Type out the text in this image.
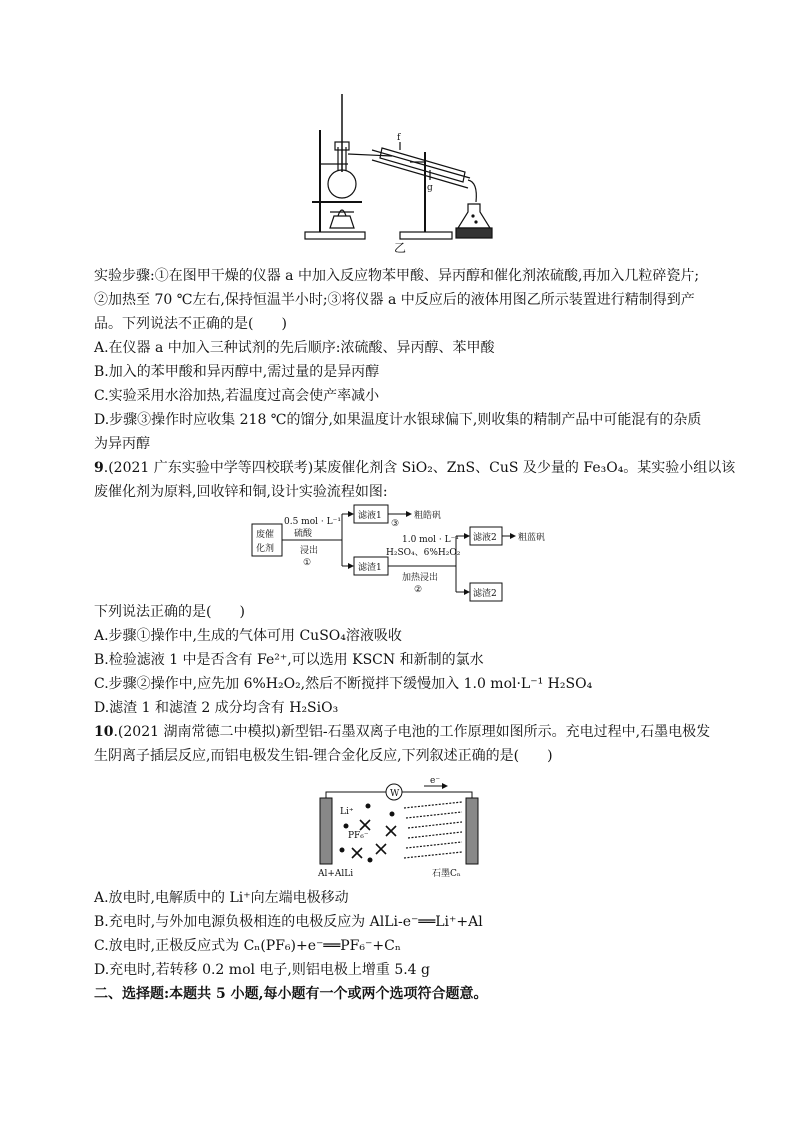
f
g
乙
实验步骤:①在图甲干燥的仪器 a 中加入反应物苯甲酸、异丙醇和催化剂浓硫酸,再加入几粒碎瓷片;
②加热至 70 ℃左右,保持恒温半小时;③将仪器 a 中反应后的液体用图乙所示装置进行精制得到产
品。下列说法不正确的是(　　)
A.在仪器 a 中加入三种试剂的先后顺序:浓硫酸、异丙醇、苯甲酸
B.加入的苯甲酸和异丙醇中,需过量的是异丙醇
C.实验采用水浴加热,若温度过高会使产率减小
D.步骤③操作时应收集 218 ℃的馏分,如果温度计水银球偏下,则收集的精制产品中可能混有的杂质
为异丙醇
9.(2021 广东实验中学等四校联考)某废催化剂含 SiO₂、ZnS、CuS 及少量的 Fe₃O₄。某实验小组以该
废催化剂为原料,回收锌和铜,设计实验流程如图:
废催
化剂
0.5 mol · L⁻¹
硫酸
浸出
①
滤液1
③
粗皓矾
滤渣1
1.0 mol · L⁻¹
H₂SO₄、6%H₂O₂
加热浸出
②
滤液2 粗蓝矾
滤渣2
下列说法正确的是(　　)
A.步骤①操作中,生成的气体可用 CuSO₄溶液吸收
B.检验滤液 1 中是否含有 Fe²⁺,可以选用 KSCN 和新制的氯水
C.步骤②操作中,应先加 6%H₂O₂,然后不断搅拌下缓慢加入 1.0 mol·L⁻¹ H₂SO₄
D.滤渣 1 和滤渣 2 成分均含有 H₂SiO₃
10.(2021 湖南常德二中模拟)新型铝-石墨双离子电池的工作原理如图所示。充电过程中,石墨电极发
生阴离子插层反应,而铝电极发生铝-锂合金化反应,下列叙述正确的是(　　)
W
e⁻
Li⁺
PF₆⁻
Al+AlLi	石墨Cₙ
A.放电时,电解质中的 Li⁺向左端电极移动
B.充电时,与外加电源负极相连的电极反应为 AlLi-e⁻══Li⁺+Al
C.放电时,正极反应式为 Cₙ(PF₆)+e⁻══PF₆⁻+Cₙ
D.充电时,若转移 0.2 mol 电子,则铝电极上增重 5.4 g
二、选择题:本题共 5 小题,每小题有一个或两个选项符合题意。
